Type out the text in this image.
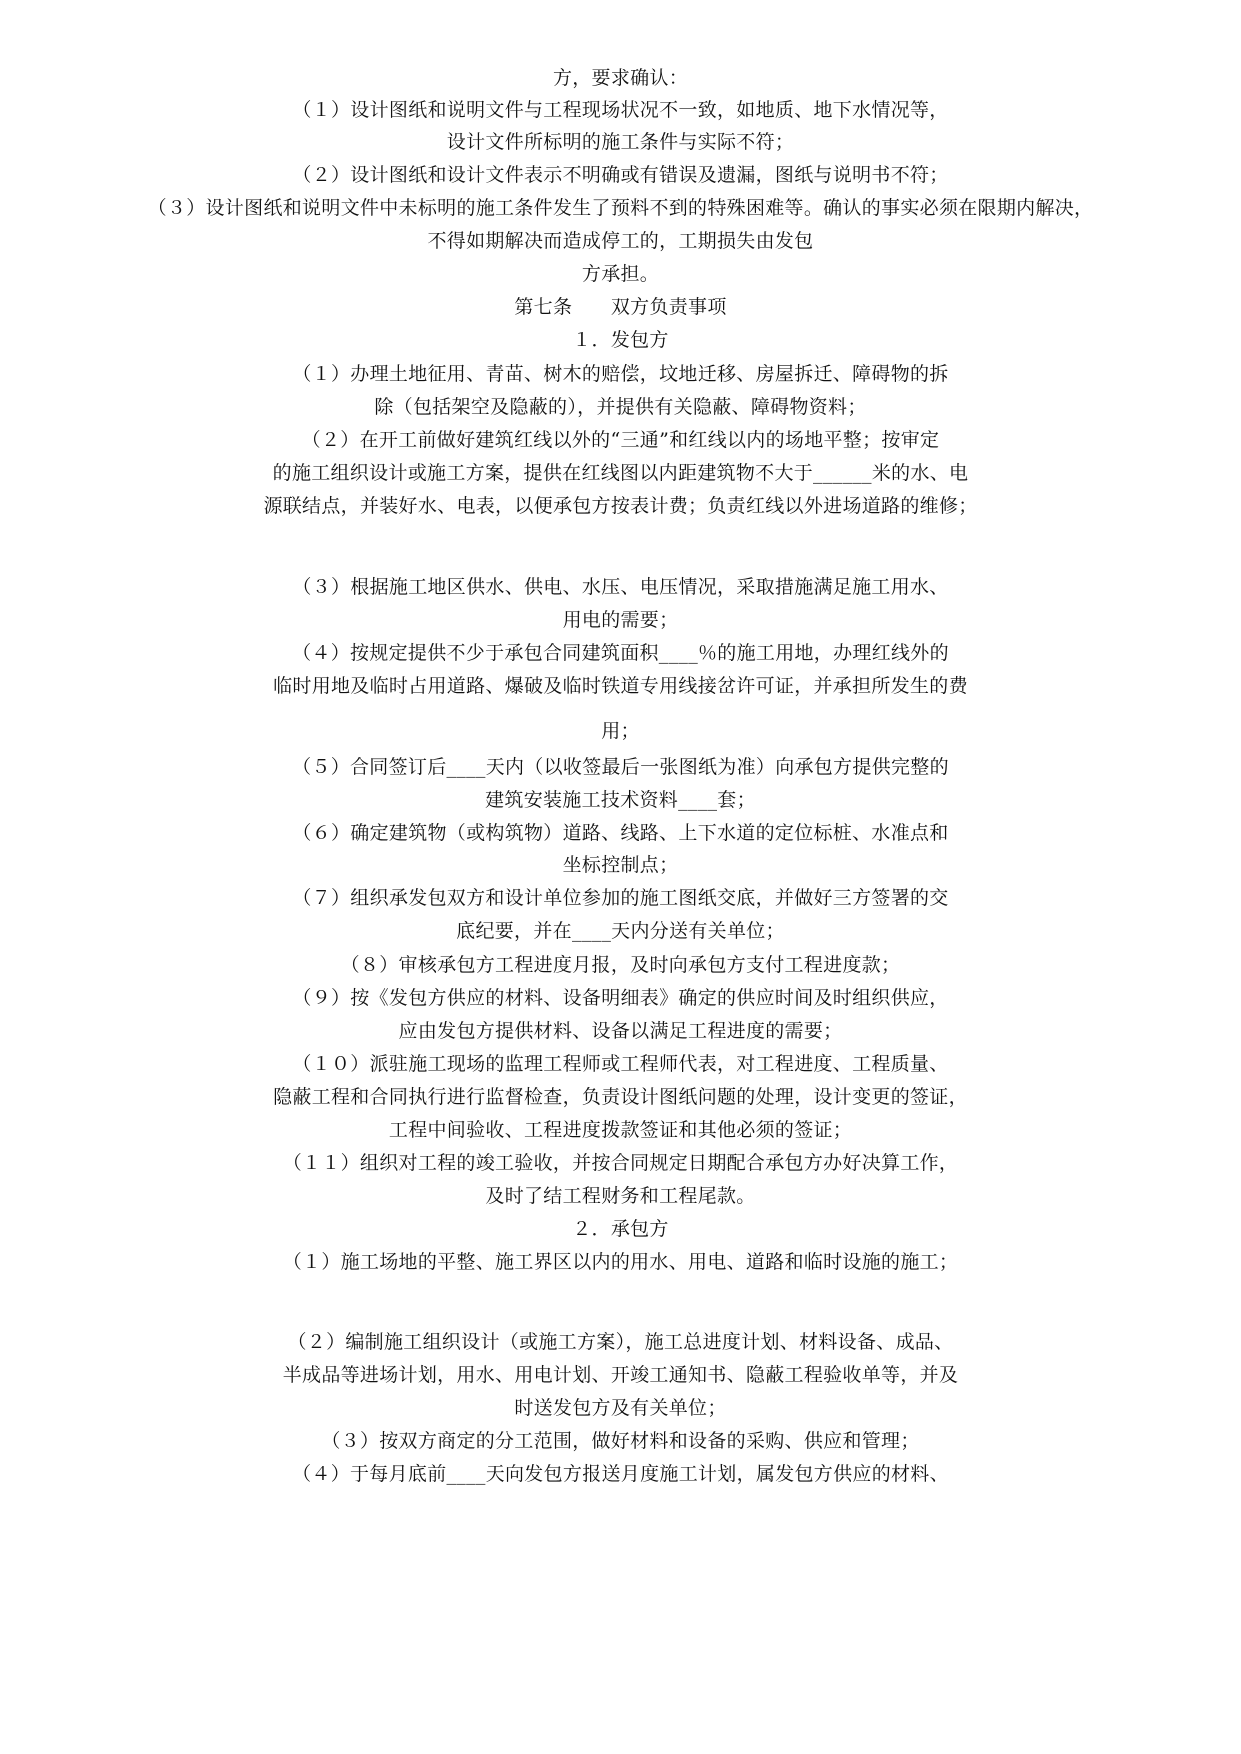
方，要求确认：
（１）设计图纸和说明文件与工程现场状况不一致，如地质、地下水情况等，
设计文件所标明的施工条件与实际不符；
（２）设计图纸和设计文件表示不明确或有错误及遗漏，图纸与说明书不符；
（３）设计图纸和说明文件中未标明的施工条件发生了预料不到的特殊困难等。确认的事实必须在限期内解决，
不得如期解决而造成停工的，工期损失由发包
方承担。
第七条　　双方负责事项
１．发包方
（１）办理土地征用、青苗、树木的赔偿，坟地迁移、房屋拆迁、障碍物的拆
除（包括架空及隐蔽的），并提供有关隐蔽、障碍物资料；
（２）在开工前做好建筑红线以外的“三通”和红线以内的场地平整；按审定
的施工组织设计或施工方案，提供在红线图以内距建筑物不大于______米的水、电
源联结点，并装好水、电表，以便承包方按表计费；负责红线以外进场道路的维修；
（３）根据施工地区供水、供电、水压、电压情况，采取措施满足施工用水、
用电的需要；
（４）按规定提供不少于承包合同建筑面积____％的施工用地，办理红线外的
临时用地及临时占用道路、爆破及临时铁道专用线接岔许可证，并承担所发生的费
用；
（５）合同签订后____天内（以收签最后一张图纸为准）向承包方提供完整的
建筑安装施工技术资料____套；
（６）确定建筑物（或构筑物）道路、线路、上下水道的定位标桩、水准点和
坐标控制点；
（７）组织承发包双方和设计单位参加的施工图纸交底，并做好三方签署的交
底纪要，并在____天内分送有关单位；
（８）审核承包方工程进度月报，及时向承包方支付工程进度款；
（９）按《发包方供应的材料、设备明细表》确定的供应时间及时组织供应，
应由发包方提供材料、设备以满足工程进度的需要；
（１０）派驻施工现场的监理工程师或工程师代表，对工程进度、工程质量、
隐蔽工程和合同执行进行监督检查，负责设计图纸问题的处理，设计变更的签证，
工程中间验收、工程进度拨款签证和其他必须的签证；
（１１）组织对工程的竣工验收，并按合同规定日期配合承包方办好决算工作，
及时了结工程财务和工程尾款。
２．承包方
（１）施工场地的平整、施工界区以内的用水、用电、道路和临时设施的施工；
（２）编制施工组织设计（或施工方案），施工总进度计划、材料设备、成品、
半成品等进场计划，用水、用电计划、开竣工通知书、隐蔽工程验收单等，并及
时送发包方及有关单位；
（３）按双方商定的分工范围，做好材料和设备的采购、供应和管理；
（４）于每月底前____天向发包方报送月度施工计划，属发包方供应的材料、
